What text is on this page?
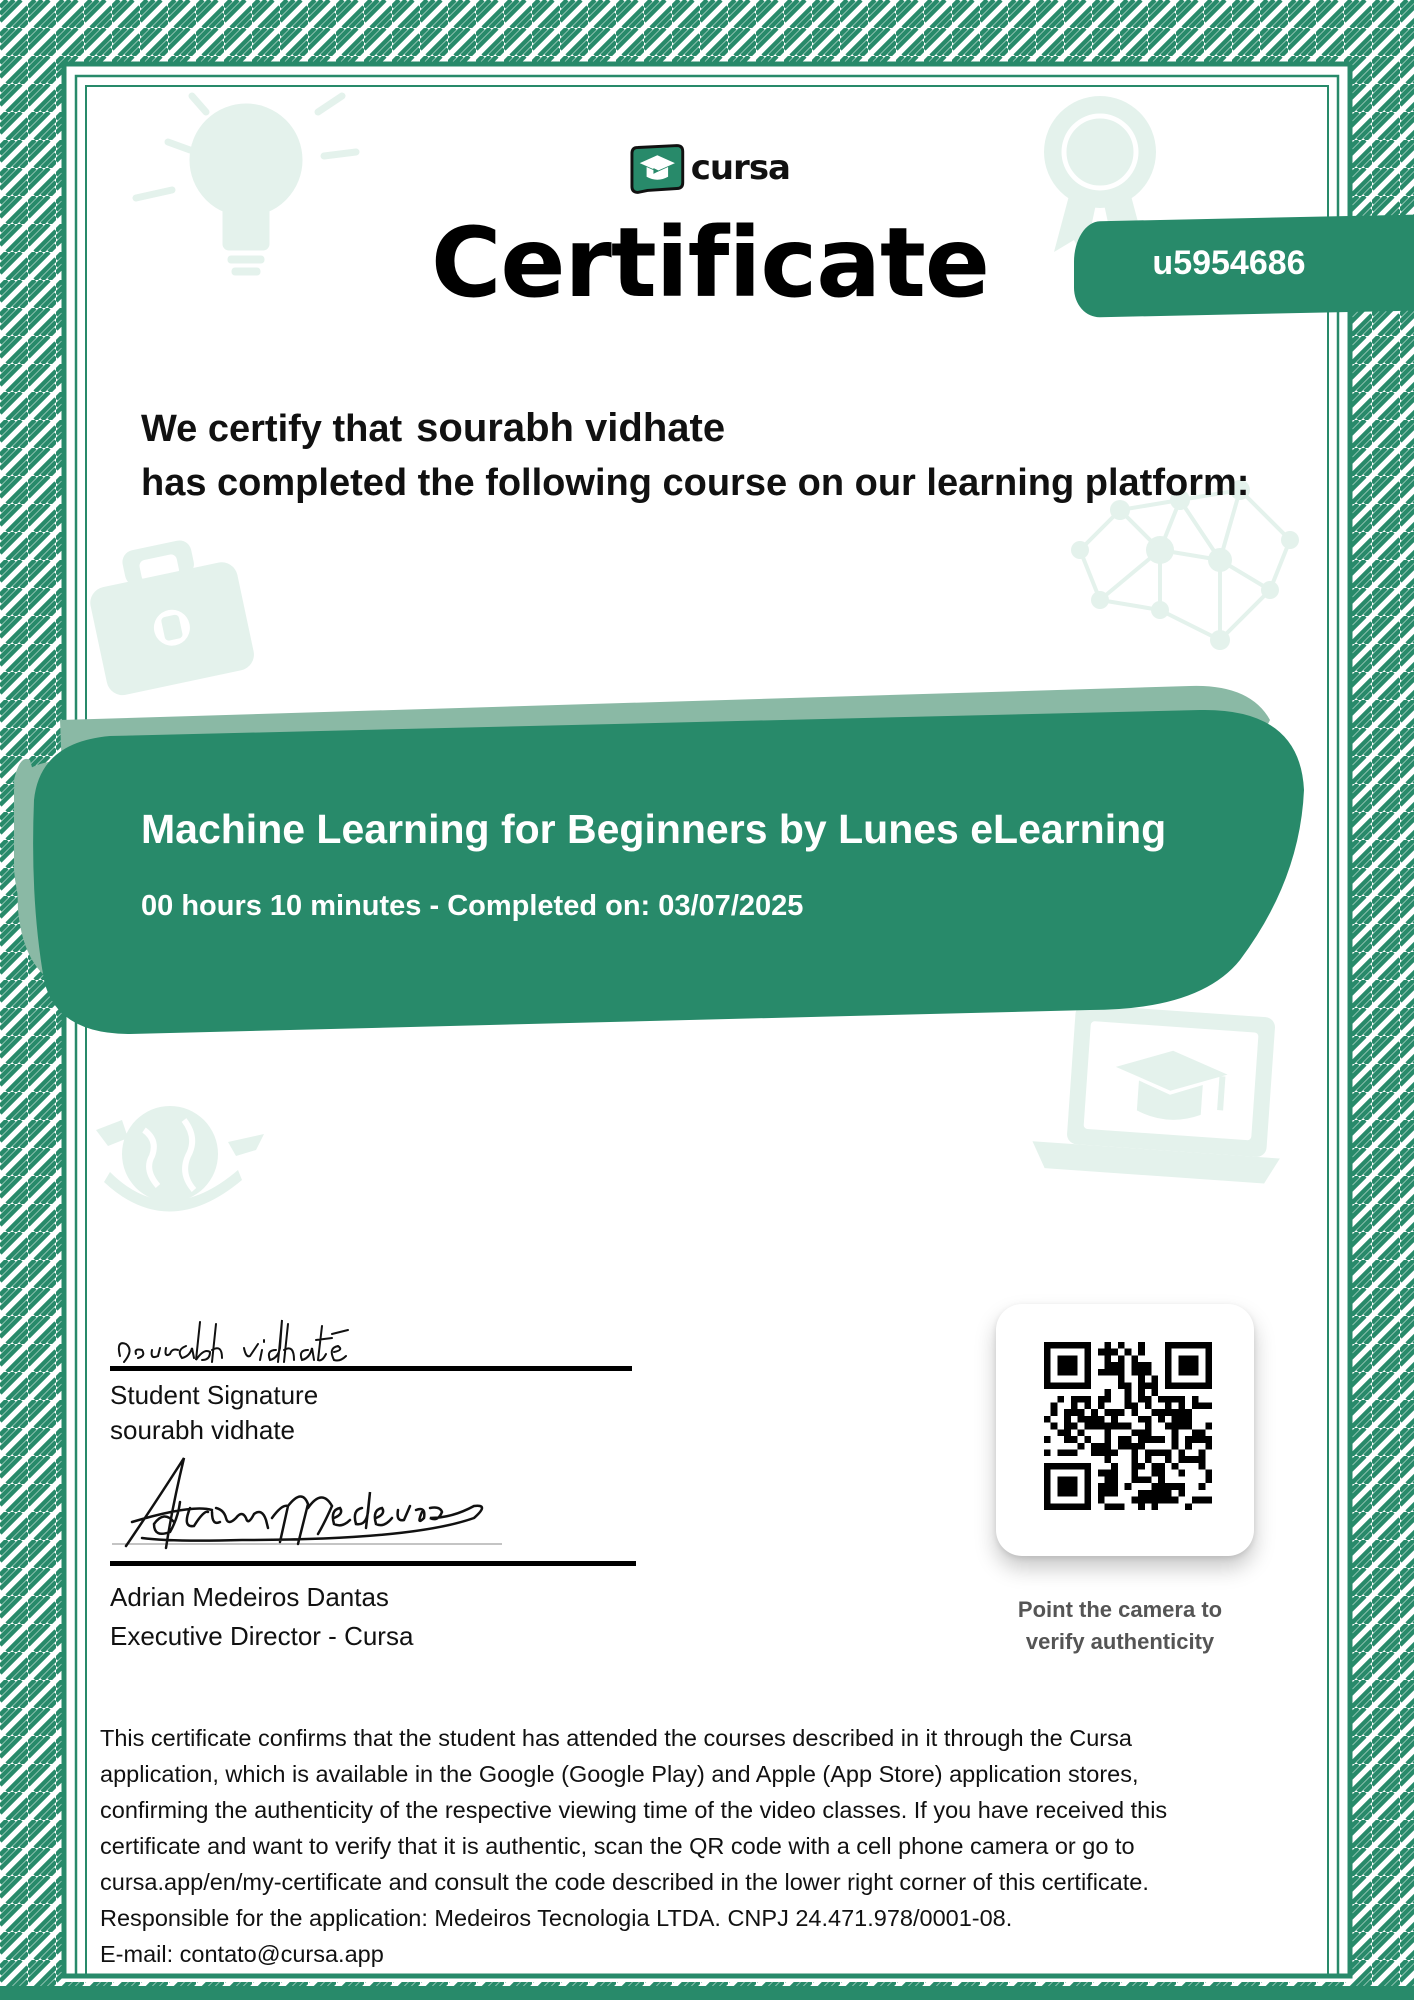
cursa
Certificate	u5954686
We certify that sourabh vidhate
has completed the following course on our learning platform:
Machine Learning for Beginners by Lunes eLearning
00 hours 10 minutes - Completed on: 03/07/2025
Student Signature
sourabh vidhate
Adrian Medeiros Dantas
Executive Director - Cursa
Point the camera to
verify authenticity
This certificate confirms that the student has attended the courses described in it through the Cursa
application, which is available in the Google (Google Play) and Apple (App Store) application stores,
confirming the authenticity of the respective viewing time of the video classes. If you have received this
certificate and want to verify that it is authentic, scan the QR code with a cell phone camera or go to
cursa.app/en/my-certificate and consult the code described in the lower right corner of this certificate.
Responsible for the application: Medeiros Tecnologia LTDA. CNPJ 24.471.978/0001-08.
E-mail: contato@cursa.app
